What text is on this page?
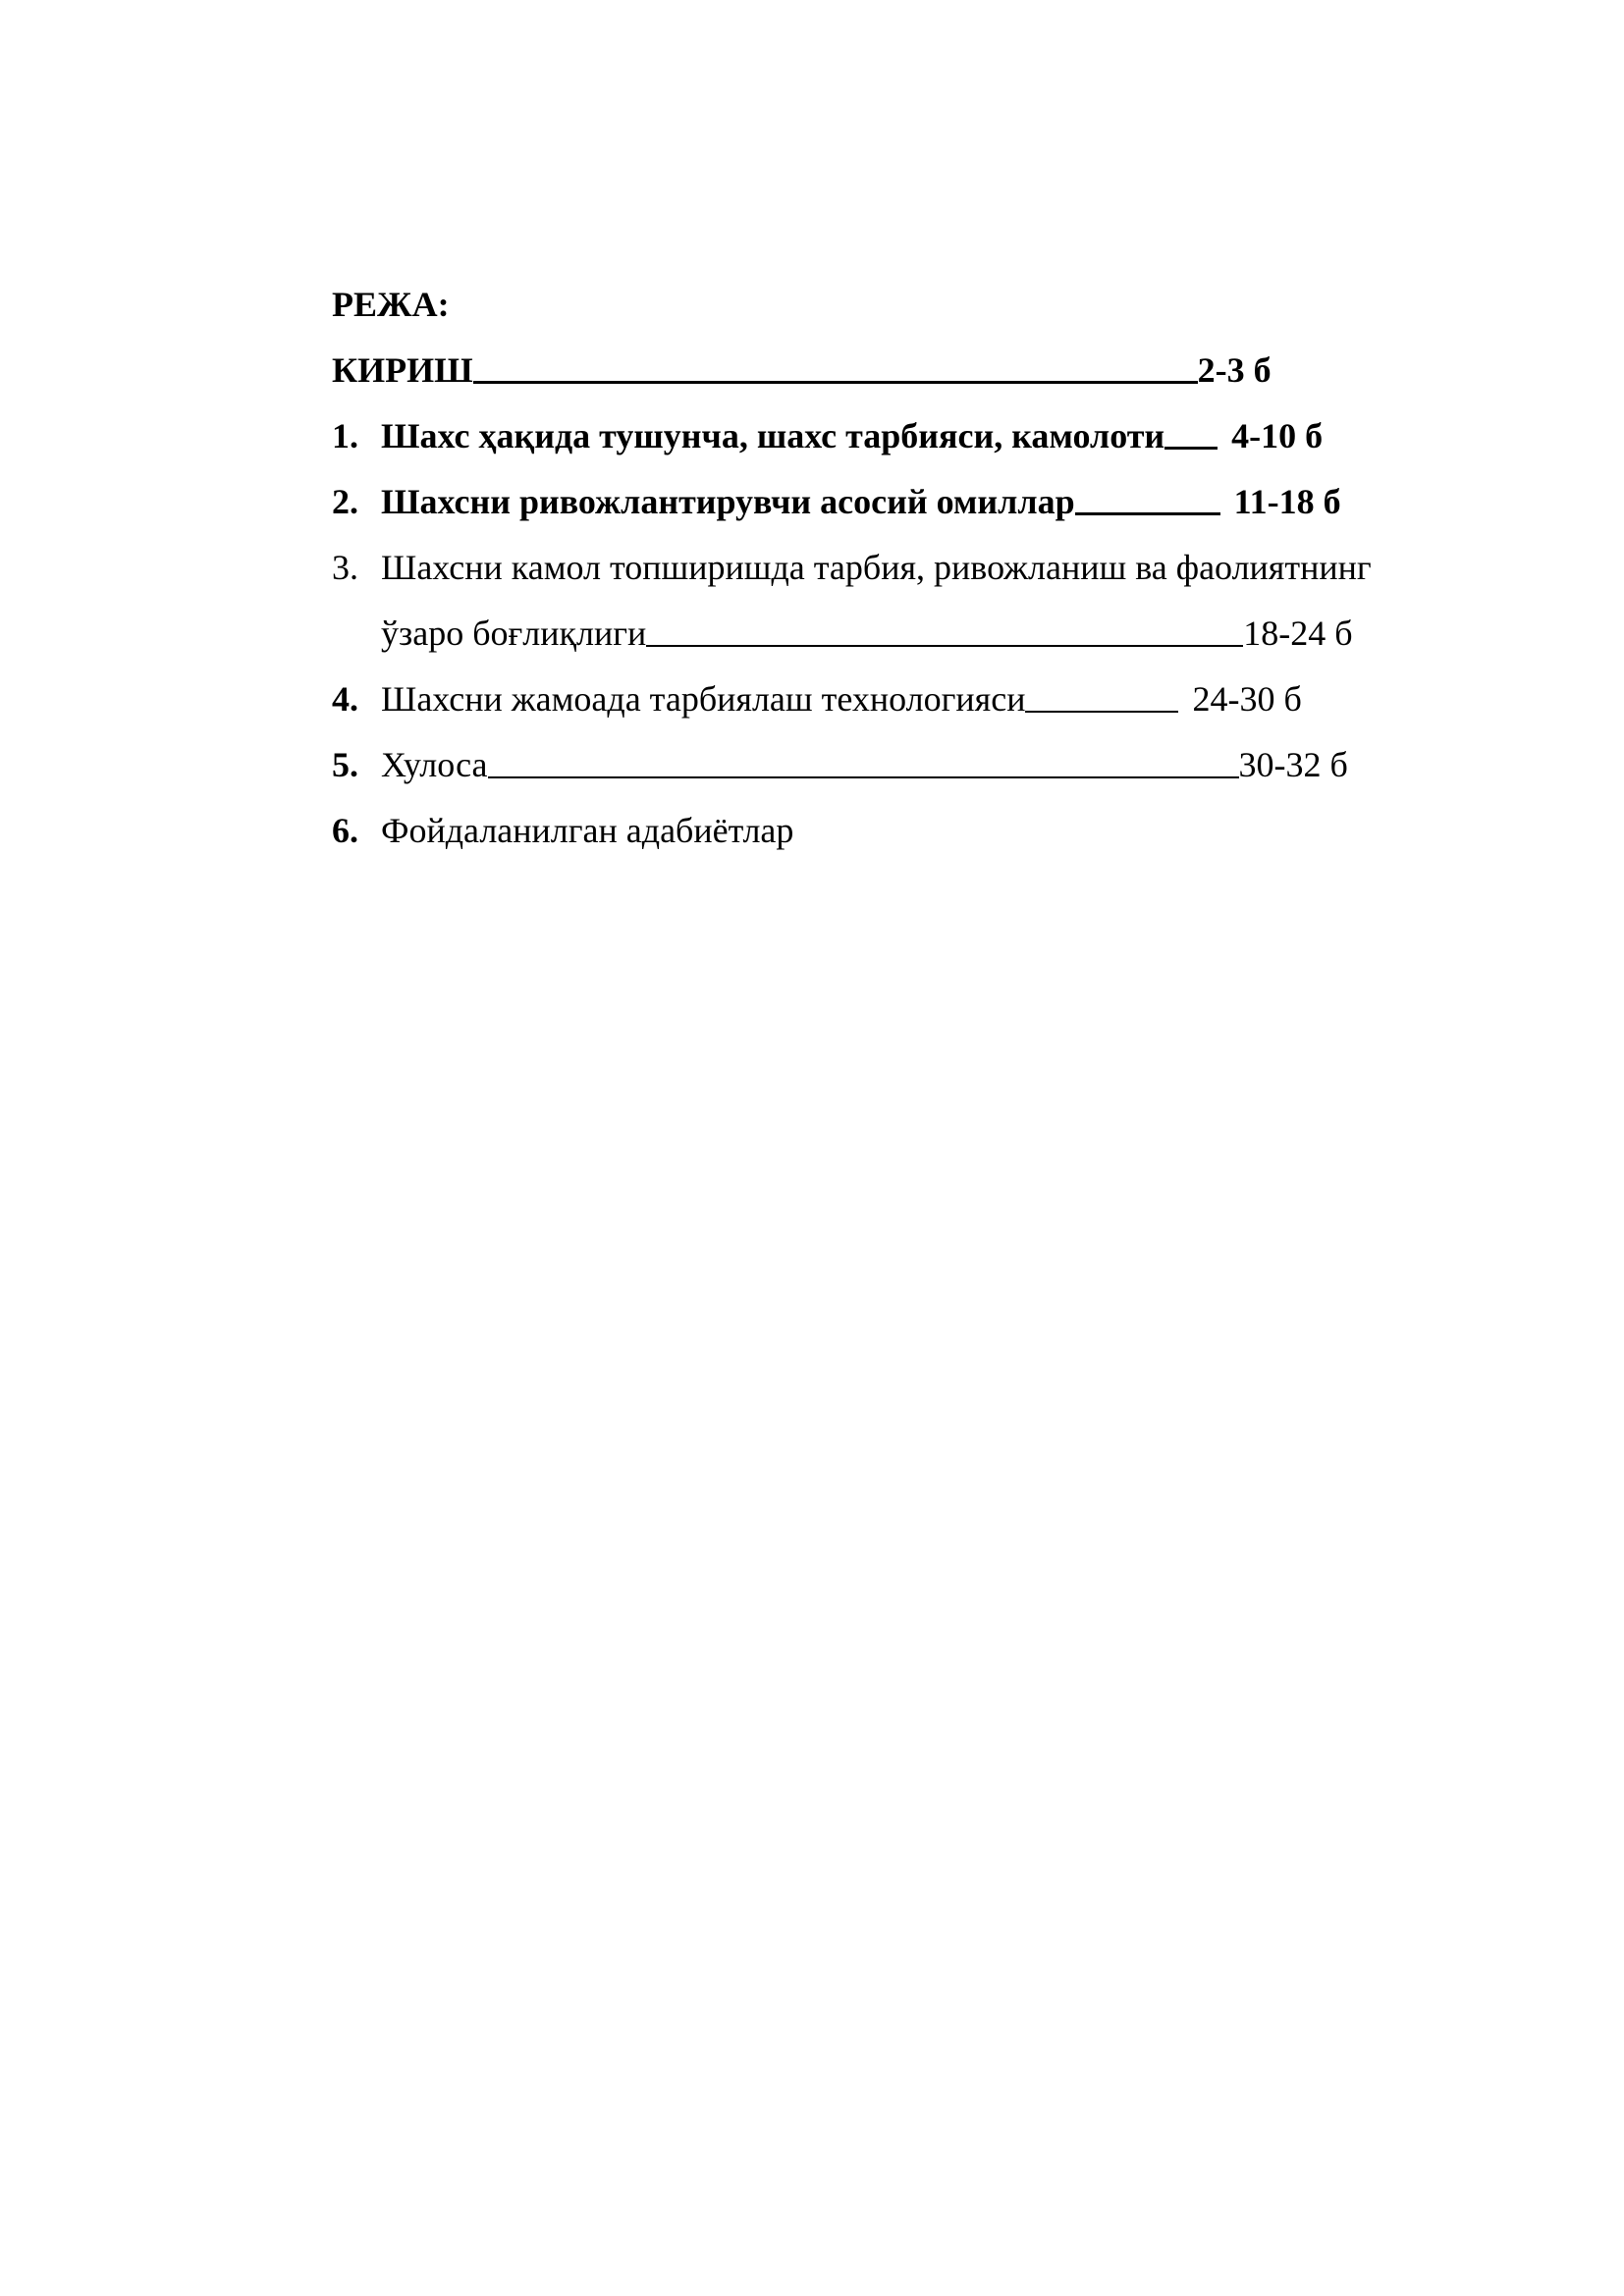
РЕЖА:

КИРИШ	2-3 б
1. Шахс ҳақида тушунча, шахс тарбияси, камолоти 4-10 б
2. Шахсни ривожлантирувчи асосий омиллар	11-18 б
3. Шахсни камол топширишда тарбия, ривожланиш ва фаолиятнинг
ўзаро боғлиқлиги	18-24 б
4. Шахсни жамоада тарбиялаш технологияси	24-30 б
5. Хулоса	30-32 б
6. Фойдаланилган адабиётлар
